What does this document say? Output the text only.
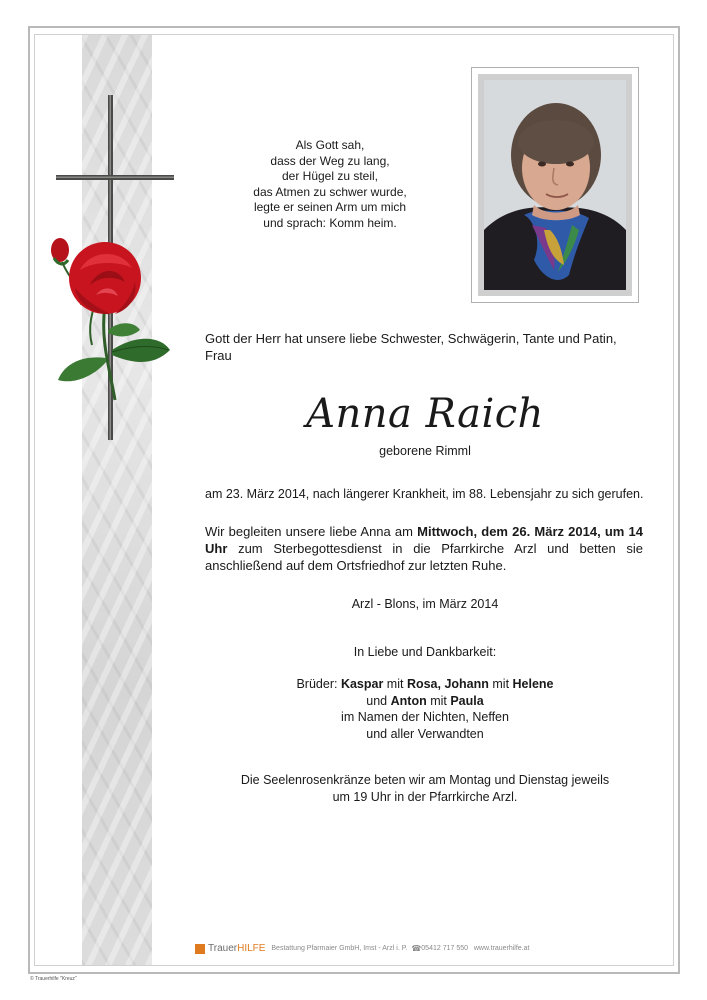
Als Gott sah,
dass der Weg zu lang,
der Hügel zu steil,
das Atmen zu schwer wurde,
legte er seinen Arm um mich
und sprach: Komm heim.

Gott der Herr hat unsere liebe Schwester, Schwägerin, Tante und Patin, Frau

Anna Raich

geborene Rimml

am 23. März 2014, nach längerer Krankheit, im 88. Lebensjahr zu sich gerufen.

Wir begleiten unsere liebe Anna am Mittwoch, dem 26. März 2014, um 14 Uhr zum Sterbegottesdienst in die Pfarrkirche Arzl und betten sie anschließend auf dem Ortsfriedhof zur letzten Ruhe.

Arzl - Blons, im März 2014

In Liebe und Dankbarkeit:

Brüder: Kaspar mit Rosa, Johann mit Helene
und Anton mit Paula
im Namen der Nichten, Neffen
und aller Verwandten

Die Seelenrosenkränze beten wir am Montag und Dienstag jeweils
um 19 Uhr in der Pfarrkirche Arzl.

TrauerHILFE Bestattung Pfarmaier GmbH, Imst - Arzl i. P. ☎05412 717 550 www.trauerhilfe.at
© Trauerhilfe "Kreuz"
